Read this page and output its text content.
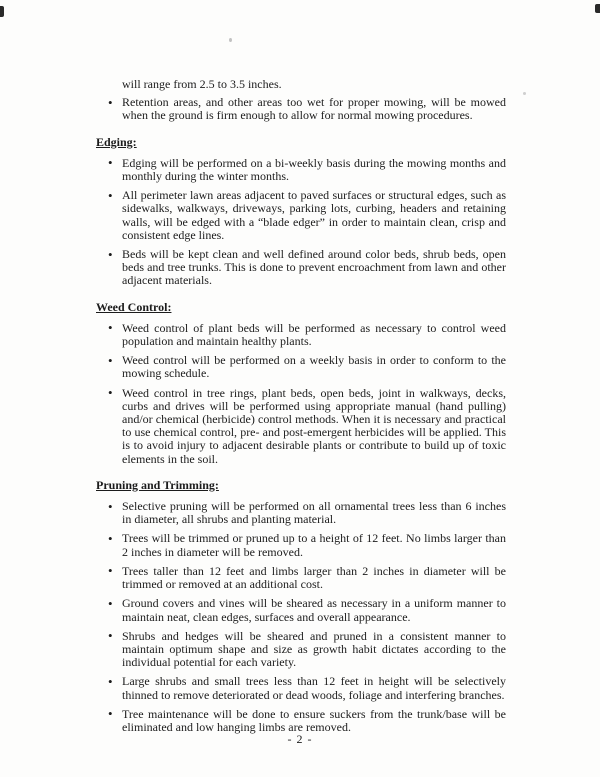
will range from 2.5 to 3.5 inches.

• Retention areas, and other areas too wet for proper mowing, will be mowed when the ground is firm enough to allow for normal mowing procedures.
Edging:
• Edging will be performed on a bi-weekly basis during the mowing months and monthly during the winter months.
• All perimeter lawn areas adjacent to paved surfaces or structural edges, such as sidewalks, walkways, driveways, parking lots, curbing, headers and retaining walls, will be edged with a “blade edger” in order to maintain clean, crisp and consistent edge lines.
• Beds will be kept clean and well defined around color beds, shrub beds, open beds and tree trunks. This is done to prevent encroachment from lawn and other adjacent materials.
Weed Control:
• Weed control of plant beds will be performed as necessary to control weed population and maintain healthy plants.
• Weed control will be performed on a weekly basis in order to conform to the mowing schedule.
• Weed control in tree rings, plant beds, open beds, joint in walkways, decks, curbs and drives will be performed using appropriate manual (hand pulling) and/or chemical (herbicide) control methods. When it is necessary and practical to use chemical control, pre- and post-emergent herbicides will be applied. This is to avoid injury to adjacent desirable plants or contribute to build up of toxic elements in the soil.
Pruning and Trimming:
• Selective pruning will be performed on all ornamental trees less than 6 inches in diameter, all shrubs and planting material.
• Trees will be trimmed or pruned up to a height of 12 feet. No limbs larger than 2 inches in diameter will be removed.
• Trees taller than 12 feet and limbs larger than 2 inches in diameter will be trimmed or removed at an additional cost.
• Ground covers and vines will be sheared as necessary in a uniform manner to maintain neat, clean edges, surfaces and overall appearance.
• Shrubs and hedges will be sheared and pruned in a consistent manner to maintain optimum shape and size as growth habit dictates according to the individual potential for each variety.
• Large shrubs and small trees less than 12 feet in height will be selectively thinned to remove deteriorated or dead woods, foliage and interfering branches.
• Tree maintenance will be done to ensure suckers from the trunk/base will be eliminated and low hanging limbs are removed.
- 2 -
